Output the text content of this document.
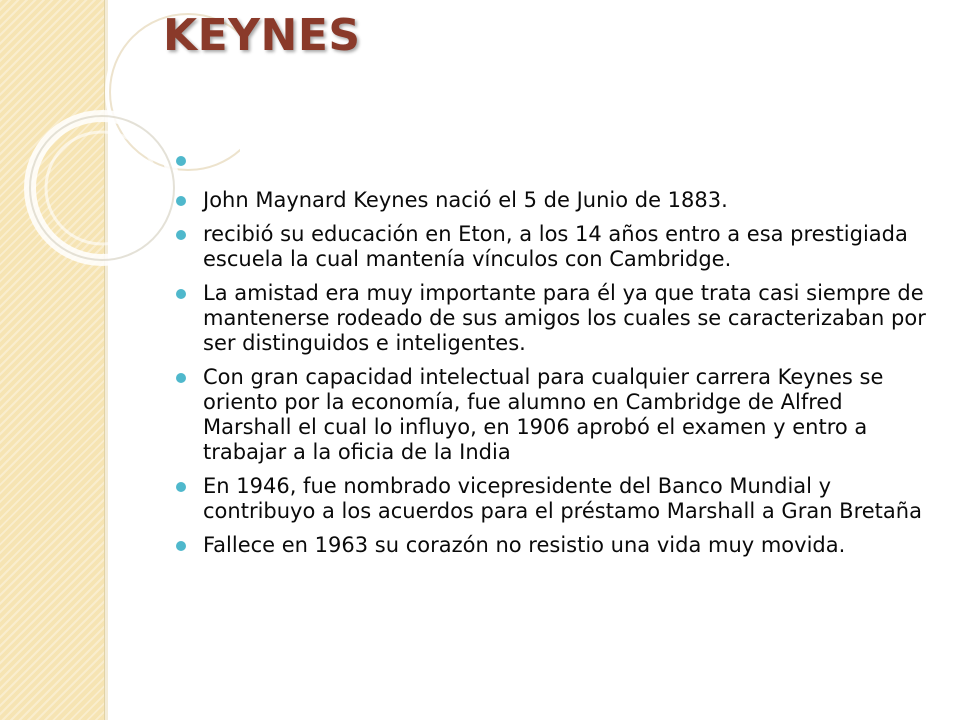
KEYNES
John Maynard Keynes nació el 5 de Junio de 1883.
recibió su educación en Eton, a los 14 años entro a esa prestigiada escuela la cual mantenía vínculos con Cambridge.
La amistad era muy importante para él ya que trata casi siempre de mantenerse rodeado de sus amigos los cuales se caracterizaban por ser distinguidos e inteligentes.
Con gran capacidad intelectual para cualquier carrera Keynes se oriento por la economía, fue alumno en Cambridge de Alfred Marshall el cual lo influyo, en 1906 aprobó el examen y entro a trabajar a la oficia de la India
En 1946, fue nombrado vicepresidente del Banco Mundial y contribuyo a los acuerdos para el préstamo Marshall a Gran Bretaña
Fallece en 1963 su corazón no resistio una vida muy movida.
